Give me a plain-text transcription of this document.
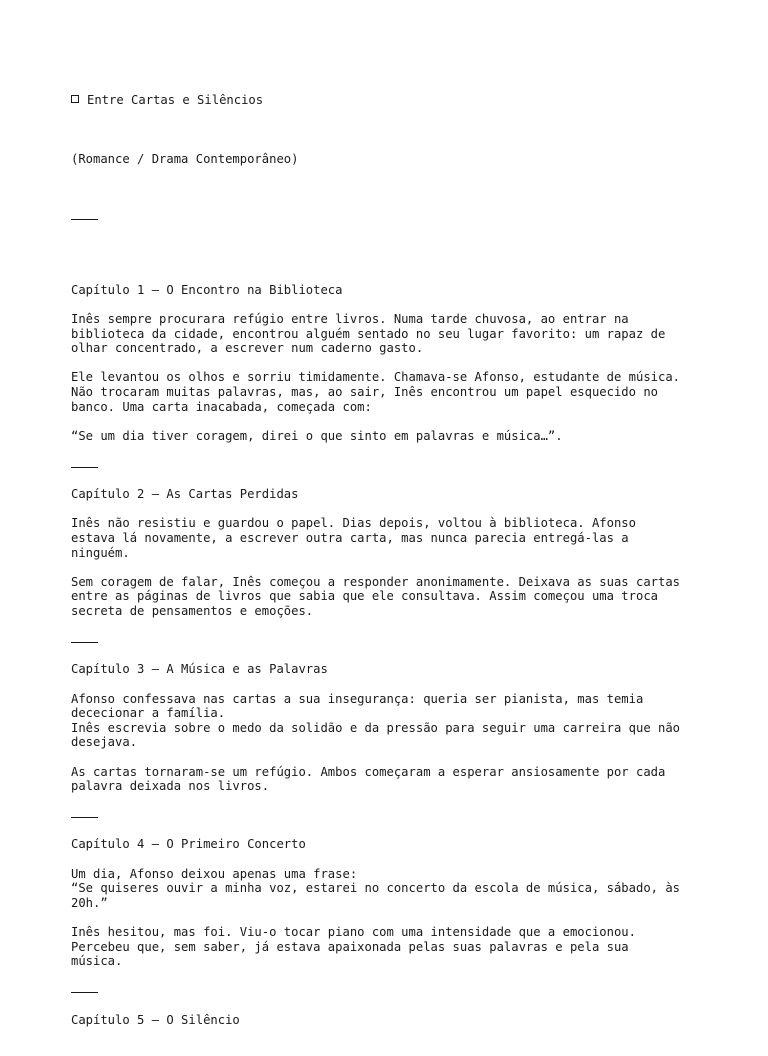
Entre Cartas e Silêncios

(Romance / Drama Contemporâneo)

Capítulo 1 – O Encontro na Biblioteca
Inês sempre procurara refúgio entre livros. Numa tarde chuvosa, ao entrar na
biblioteca da cidade, encontrou alguém sentado no seu lugar favorito: um rapaz de
olhar concentrado, a escrever num caderno gasto.
Ele levantou os olhos e sorriu timidamente. Chamava-se Afonso, estudante de música.
Não trocaram muitas palavras, mas, ao sair, Inês encontrou um papel esquecido no
banco. Uma carta inacabada, começada com:
“Se um dia tiver coragem, direi o que sinto em palavras e música…”.
Capítulo 2 – As Cartas Perdidas
Inês não resistiu e guardou o papel. Dias depois, voltou à biblioteca. Afonso
estava lá novamente, a escrever outra carta, mas nunca parecia entregá-las a
ninguém.
Sem coragem de falar, Inês começou a responder anonimamente. Deixava as suas cartas
entre as páginas de livros que sabia que ele consultava. Assim começou uma troca
secreta de pensamentos e emoções.
Capítulo 3 – A Música e as Palavras
Afonso confessava nas cartas a sua insegurança: queria ser pianista, mas temia
dececionar a família.
Inês escrevia sobre o medo da solidão e da pressão para seguir uma carreira que não
desejava.
As cartas tornaram-se um refúgio. Ambos começaram a esperar ansiosamente por cada
palavra deixada nos livros.
Capítulo 4 – O Primeiro Concerto
Um dia, Afonso deixou apenas uma frase:
“Se quiseres ouvir a minha voz, estarei no concerto da escola de música, sábado, às
20h.”
Inês hesitou, mas foi. Viu-o tocar piano com uma intensidade que a emocionou.
Percebeu que, sem saber, já estava apaixonada pelas suas palavras e pela sua
música.
Capítulo 5 – O Silêncio
